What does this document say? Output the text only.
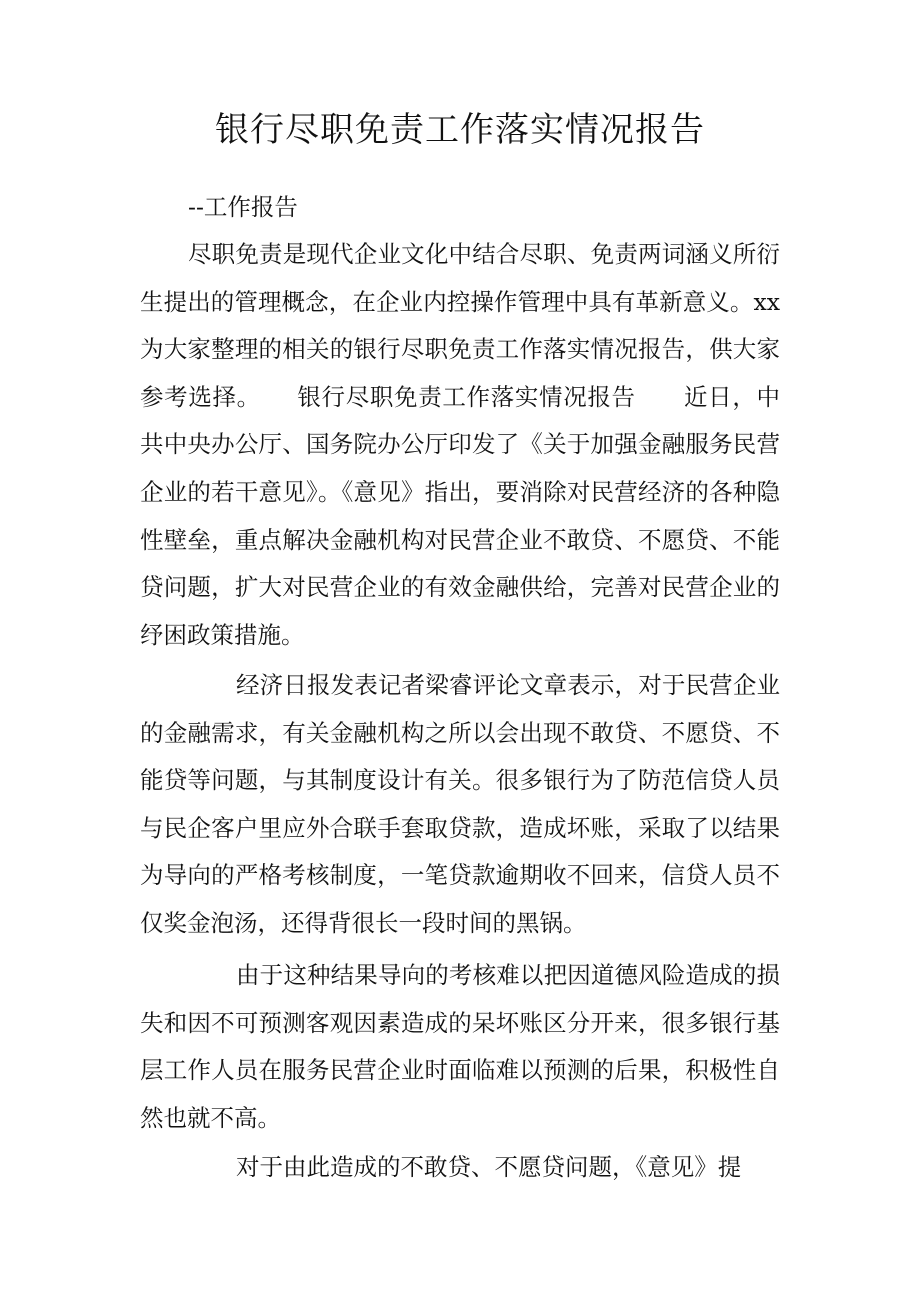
银行尽职免责工作落实情况报告

--工作报告

尽职免责是现代企业文化中结合尽职、免责两词涵义所衍生提出的管理概念，在企业内控操作管理中具有革新意义。xx为大家整理的相关的银行尽职免责工作落实情况报告，供大家参考选择。　　银行尽职免责工作落实情况报告　　近日，中共中央办公厅、国务院办公厅印发了《关于加强金融服务民营企业的若干意见》。《意见》指出，要消除对民营经济的各种隐性壁垒，重点解决金融机构对民营企业不敢贷、不愿贷、不能贷问题，扩大对民营企业的有效金融供给，完善对民营企业的纾困政策措施。

经济日报发表记者梁睿评论文章表示，对于民营企业的金融需求，有关金融机构之所以会出现不敢贷、不愿贷、不能贷等问题，与其制度设计有关。很多银行为了防范信贷人员与民企客户里应外合联手套取贷款，造成坏账，采取了以结果为导向的严格考核制度，一笔贷款逾期收不回来，信贷人员不仅奖金泡汤，还得背很长一段时间的黑锅。

由于这种结果导向的考核难以把因道德风险造成的损失和因不可预测客观因素造成的呆坏账区分开来，很多银行基层工作人员在服务民营企业时面临难以预测的后果，积极性自然也就不高。

对于由此造成的不敢贷、不愿贷问题，《意见》提
